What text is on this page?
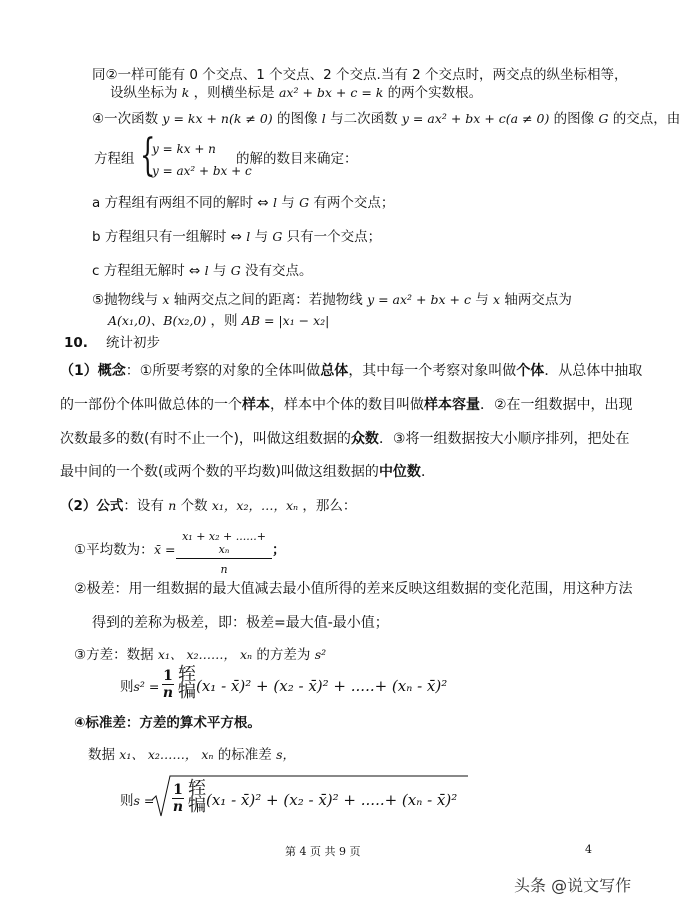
同②一样可能有 0 个交点、1 个交点、2 个交点.当有 2 个交点时，两交点的纵坐标相等，
设纵坐标为 k ，则横坐标是 ax² + bx + c = k 的两个实数根。
④一次函数 y = kx + n(k ≠ 0) 的图像 l 与二次函数 y = ax² + bx + c(a ≠ 0) 的图像 G 的交点，由
方程组 {
y = kx + n
y = ax² + bx + c
的解的数目来确定：
a 方程组有两组不同的解时 ⇔ l 与 G 有两个交点；
b 方程组只有一组解时 ⇔ l 与 G 只有一个交点；
c 方程组无解时 ⇔ l 与 G 没有交点。
⑤抛物线与 x 轴两交点之间的距离：若抛物线 y = ax² + bx + c 与 x 轴两交点为
A(x₁,0)、B(x₂,0) ，则 AB = |x₁ − x₂|
10. 统计初步
（1）概念：①所要考察的对象的全体叫做总体，其中每一个考察对象叫做个体．从总体中抽取
的一部份个体叫做总体的一个样本，样本中个体的数目叫做样本容量．②在一组数据中，出现
次数最多的数(有时不止一个)，叫做这组数据的众数．③将一组数据按大小顺序排列，把处在
最中间的一个数(或两个数的平均数)叫做这组数据的中位数．
（2）公式：设有 n 个数 x₁，x₂，…，xₙ ，那么：
①平均数为： x̄ = $\frac{\text{x₁ + x₂ + ......+ xₙ}}{n}$ ；
②极差：用一组数据的最大值减去最小值所得的差来反映这组数据的变化范围，用这种方法
得到的差称为极差，即：极差=最大值-最小值；
③方差：数据 x₁、 x₂……， xₙ 的方差为 s²
则$s^2 = \frac{1}{n}$ 轾
犏 (x₁ - x̄)² + (x₂ - x̄)² + .....+ (xₙ - x̄)²
④标准差：方差的算术平方根。
数据 x₁、 x₂……， xₙ 的标准差 s，
则$s = \frac{1}{n}$ 轾
犏 (x₁ - x̄)² + (x₂ - x̄)² + .....+ (xₙ - x̄)²
第 4 页 共 9 页	4
头条 @说文写作
